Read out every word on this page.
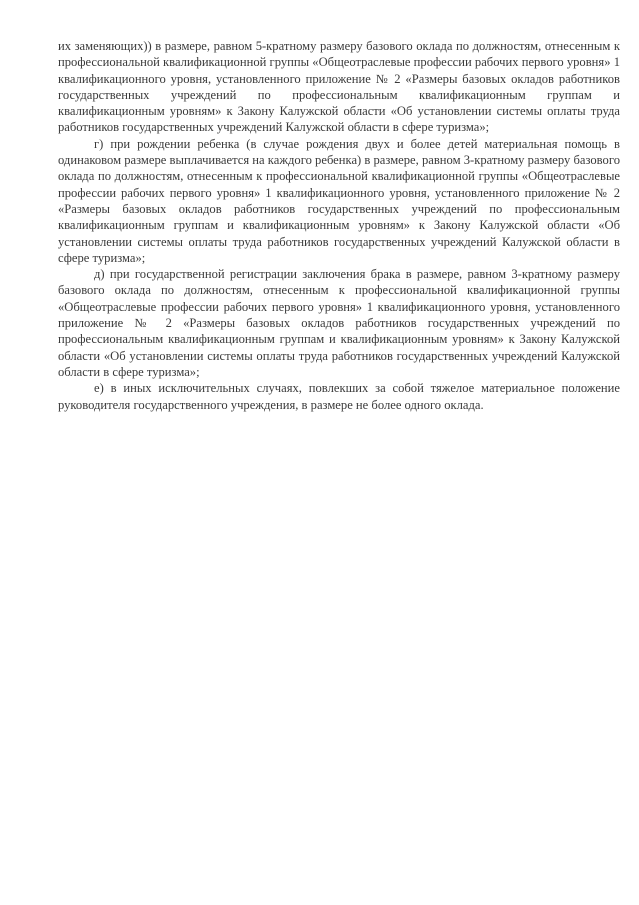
их заменяющих)) в размере, равном 5-кратному размеру базового оклада по должностям, отнесенным к профессиональной квалификационной группы «Общеотраслевые профессии рабочих первого уровня» 1 квалификационного уровня, установленного приложение № 2 «Размеры базовых окладов работников государственных учреждений по профессиональным квалификационным группам и квалификационным уровням» к Закону Калужской области «Об установлении системы оплаты труда работников государственных учреждений Калужской области в сфере туризма»;

г) при рождении ребенка (в случае рождения двух и более детей материальная помощь в одинаковом размере выплачивается на каждого ребенка) в размере, равном 3-кратному размеру базового оклада по должностям, отнесенным к профессиональной квалификационной группы «Общеотраслевые профессии рабочих первого уровня» 1 квалификационного уровня, установленного приложение № 2 «Размеры базовых окладов работников государственных учреждений по профессиональным квалификационным группам и квалификационным уровням» к Закону Калужской области «Об установлении системы оплаты труда работников государственных учреждений Калужской области в сфере туризма»;

д) при государственной регистрации заключения брака в размере, равном 3-кратному размеру базового оклада по должностям, отнесенным к профессиональной квалификационной группы «Общеотраслевые профессии рабочих первого уровня» 1 квалификационного уровня, установленного приложение № 2 «Размеры базовых окладов работников государственных учреждений по профессиональным квалификационным группам и квалификационным уровням» к Закону Калужской области «Об установлении системы оплаты труда работников государственных учреждений Калужской области в сфере туризма»;

е) в иных исключительных случаях, повлекших за собой тяжелое материальное положение руководителя государственного учреждения, в размере не более одного оклада.
